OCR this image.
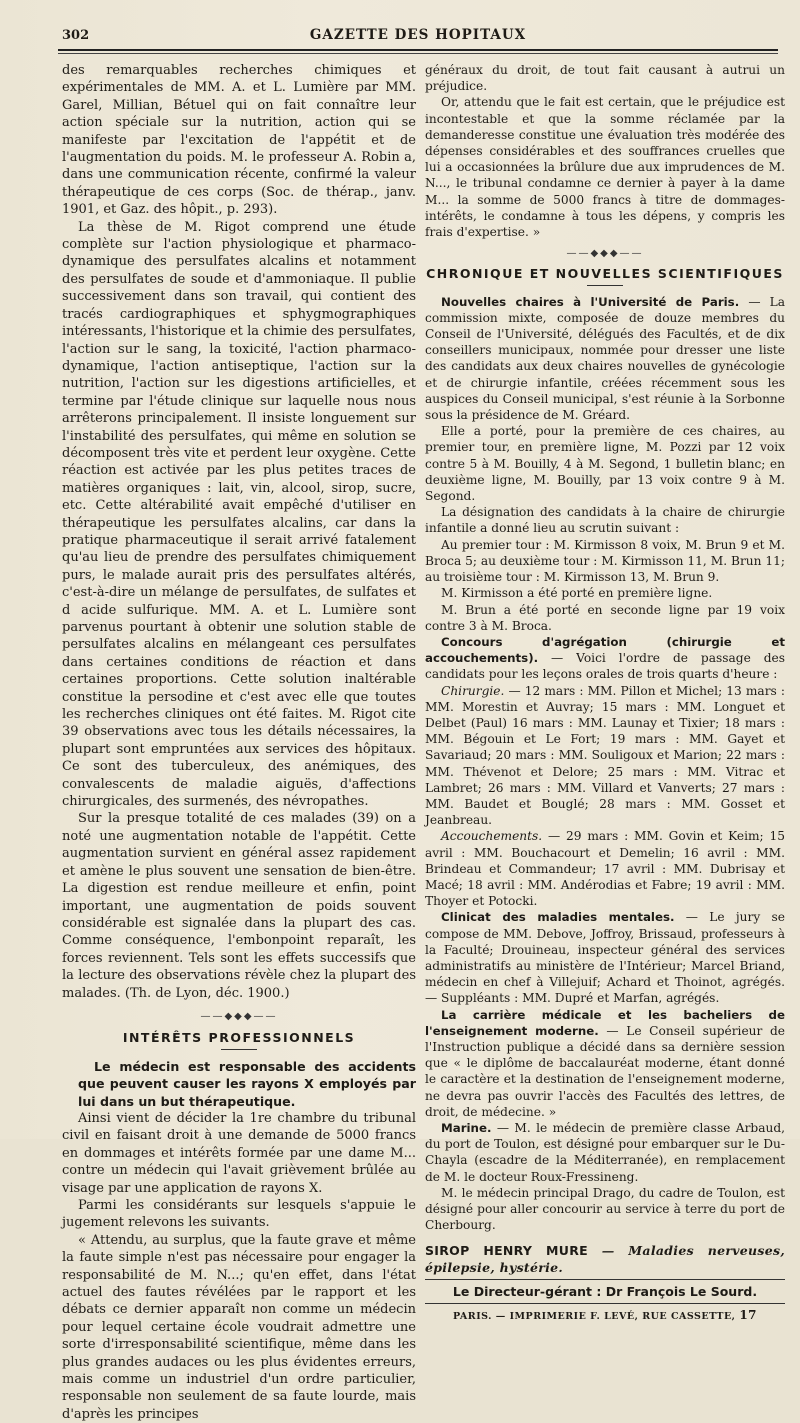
302	GAZETTE DES HOPITAUX

des remarquables recherches chimiques et expérimentales de MM. A. et L. Lumière par MM. Garel, Millian, Bétuel qui on fait connaître leur action spéciale sur la nutrition, action qui se manifeste par l'excitation de l'appétit et de l'augmentation du poids. M. le professeur A. Robin a, dans une communication récente, confirmé la valeur thérapeutique de ces corps (Soc. de thérap., janv. 1901, et Gaz. des hôpit., p. 293).

La thèse de M. Rigot comprend une étude complète sur l'action physiologique et pharmaco-dynamique des persulfates alcalins et notamment des persulfates de soude et d'ammoniaque. Il publie successivement dans son travail, qui contient des tracés cardiographiques et sphygmographiques intéressants, l'historique et la chimie des persulfates, l'action sur le sang, la toxicité, l'action pharmaco-dynamique, l'action antiseptique, l'action sur la nutrition, l'action sur les digestions artificielles, et termine par l'étude clinique sur laquelle nous nous arrêterons principalement. Il insiste longuement sur l'instabilité des persulfates, qui même en solution se décomposent très vite et perdent leur oxygène. Cette réaction est activée par les plus petites traces de matières organiques : lait, vin, alcool, sirop, sucre, etc. Cette altérabilité avait empêché d'utiliser en thérapeutique les persulfates alcalins, car dans la pratique pharmaceutique il serait arrivé fatalement qu'au lieu de prendre des persulfates chimiquement purs, le malade aurait pris des persulfates altérés, c'est-à-dire un mélange de persulfates, de sulfates et d acide sulfurique. MM. A. et L. Lumière sont parvenus pourtant à obtenir une solution stable de persulfates alcalins en mélangeant ces persulfates dans certaines conditions de réaction et dans certaines proportions. Cette solution inaltérable constitue la persodine et c'est avec elle que toutes les recherches cliniques ont été faites. M. Rigot cite 39 observations avec tous les détails nécessaires, la plupart sont empruntées aux services des hôpitaux. Ce sont des tuberculeux, des anémiques, des convalescents de maladie aiguës, d'affections chirurgicales, des surmenés, des névropathes.

Sur la presque totalité de ces malades (39) on a noté une augmentation notable de l'appétit. Cette augmentation survient en général assez rapidement et amène le plus souvent une sensation de bien-être. La digestion est rendue meilleure et enfin, point important, une augmentation de poids souvent considérable est signalée dans la plupart des cas. Comme conséquence, l'embonpoint reparaît, les forces reviennent. Tels sont les effets successifs que la lecture des observations révèle chez la plupart des malades. (Th. de Lyon, déc. 1900.)

——◆◆◆——
INTÉRÊTS PROFESSIONNELS

Le médecin est responsable des accidents que peuvent causer les rayons X employés par lui dans un but thérapeutique.

Ainsi vient de décider la 1re chambre du tribunal civil en faisant droit à une demande de 5000 francs en dommages et intérêts formée par une dame M... contre un médecin qui l'avait grièvement brûlée au visage par une application de rayons X.

Parmi les considérants sur lesquels s'appuie le jugement relevons les suivants.

« Attendu, au surplus, que la faute grave et même la faute simple n'est pas nécessaire pour engager la responsabilité de M. N...; qu'en effet, dans l'état actuel des fautes révélées par le rapport et les débats ce dernier apparaît non comme un médecin pour lequel certaine école voudrait admettre une sorte d'irresponsabilité scientifique, même dans les plus grandes audaces ou les plus évidentes erreurs, mais comme un industriel d'un ordre particulier, responsable non seulement de sa faute lourde, mais d'après les principes

généraux du droit, de tout fait causant à autrui un préjudice.

Or, attendu que le fait est certain, que le préjudice est incontestable et que la somme réclamée par la demanderesse constitue une évaluation très modérée des dépenses considérables et des souffrances cruelles que lui a occasionnées la brûlure due aux imprudences de M. N..., le tribunal condamne ce dernier à payer à la dame M... la somme de 5000 francs à titre de dommages-intérêts, le condamne à tous les dépens, y compris les frais d'expertise. »

——◆◆◆——
CHRONIQUE ET NOUVELLES SCIENTIFIQUES

Nouvelles chaires à l'Université de Paris. — La commission mixte, composée de douze membres du Conseil de l'Université, délégués des Facultés, et de dix conseillers municipaux, nommée pour dresser une liste des candidats aux deux chaires nouvelles de gynécologie et de chirurgie infantile, créées récemment sous les auspices du Conseil municipal, s'est réunie à la Sorbonne sous la présidence de M. Gréard.

Elle a porté, pour la première de ces chaires, au premier tour, en première ligne, M. Pozzi par 12 voix contre 5 à M. Bouilly, 4 à M. Segond, 1 bulletin blanc; en deuxième ligne, M. Bouilly, par 13 voix contre 9 à M. Segond.

La désignation des candidats à la chaire de chirurgie infantile a donné lieu au scrutin suivant :

Au premier tour : M. Kirmisson 8 voix, M. Brun 9 et M. Broca 5; au deuxième tour : M. Kirmisson 11, M. Brun 11; au troisième tour : M. Kirmisson 13, M. Brun 9.

M. Kirmisson a été porté en première ligne.

M. Brun a été porté en seconde ligne par 19 voix contre 3 à M. Broca.

Concours d'agrégation (chirurgie et accouchements). — Voici l'ordre de passage des candidats pour les leçons orales de trois quarts d'heure :

Chirurgie. — 12 mars : MM. Pillon et Michel; 13 mars : MM. Morestin et Auvray; 15 mars : MM. Longuet et Delbet (Paul) 16 mars : MM. Launay et Tixier; 18 mars : MM. Bégouin et Le Fort; 19 mars : MM. Gayet et Savariaud; 20 mars : MM. Souligoux et Marion; 22 mars : MM. Thévenot et Delore; 25 mars : MM. Vitrac et Lambret; 26 mars : MM. Villard et Vanverts; 27 mars : MM. Baudet et Bouglé; 28 mars : MM. Gosset et Jeanbreau.

Accouchements. — 29 mars : MM. Govin et Keim; 15 avril : MM. Bouchacourt et Demelin; 16 avril : MM. Brindeau et Commandeur; 17 avril : MM. Dubrisay et Macé; 18 avril : MM. Andérodias et Fabre; 19 avril : MM. Thoyer et Potocki.

Clinicat des maladies mentales. — Le jury se compose de MM. Debove, Joffroy, Brissaud, professeurs à la Faculté; Drouineau, inspecteur général des services administratifs au ministère de l'Intérieur; Marcel Briand, médecin en chef à Villejuif; Achard et Thoinot, agrégés. — Suppléants : MM. Dupré et Marfan, agrégés.

La carrière médicale et les bacheliers de l'enseignement moderne. — Le Conseil supérieur de l'Instruction publique a décidé dans sa dernière session que « le diplôme de baccalauréat moderne, étant donné le caractère et la destination de l'enseignement moderne, ne devra pas ouvrir l'accès des Facultés des lettres, de droit, de médecine. »

Marine. — M. le médecin de première classe Arbaud, du port de Toulon, est désigné pour embarquer sur le Du-Chayla (escadre de la Méditerranée), en remplacement de M. le docteur Roux-Fressineng.

M. le médecin principal Drago, du cadre de Toulon, est désigné pour aller concourir au service à terre du port de Cherbourg.

SIROP HENRY MURE — Maladies nerveuses, épilepsie, hystérie.
Le Directeur-gérant : Dr François Le Sourd.
PARIS. — IMPRIMERIE F. LEVÉ, RUE CASSETTE, 17
